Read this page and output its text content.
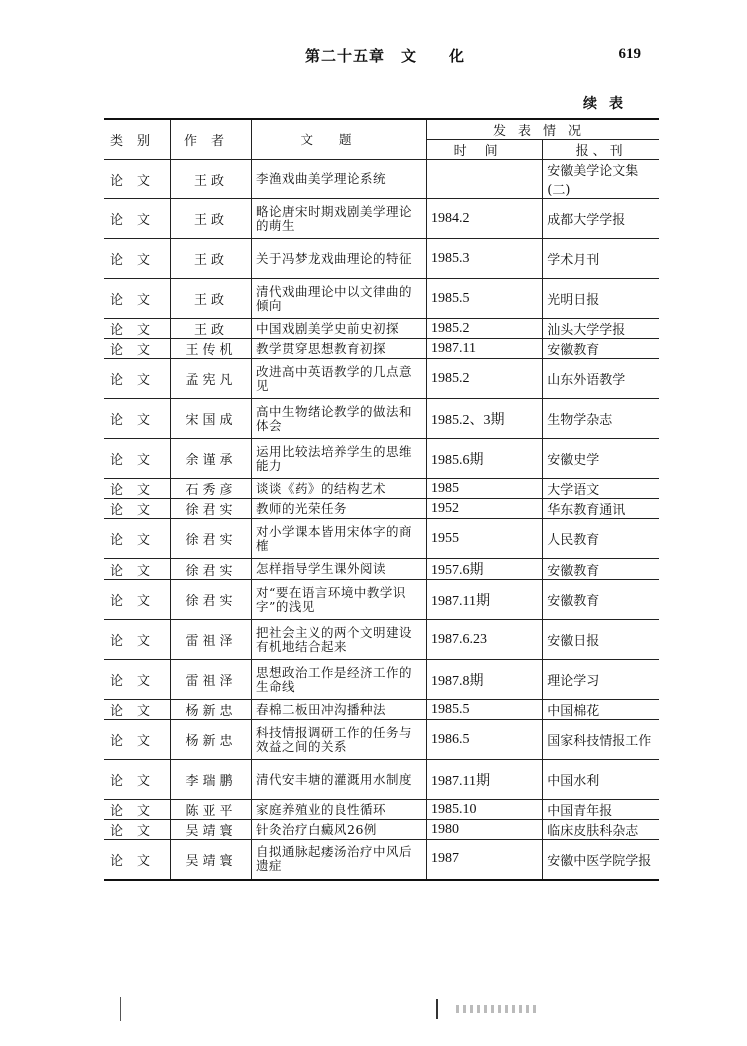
第二十五章　文　　化	619
续表
类别	作者	文题	发表情况	
			时间	报、刊
论文	王政	李渔戏曲美学理论系统		安徽美学论文集(二)
论文	王政	略论唐宋时期戏剧美学理论的萌生	1984.2	成都大学学报
论文	王政	关于冯梦龙戏曲理论的特征	1985.3	学术月刊
论文	王政	清代戏曲理论中以文律曲的倾向	1985.5	光明日报
论文	王政	中国戏剧美学史前史初探	1985.2	汕头大学学报
论文	王传机	教学贯穿思想教育初探	1987.11	安徽教育
论文	孟宪凡	改进高中英语教学的几点意见	1985.2	山东外语教学
论文	宋国成	高中生物绪论教学的做法和体会	1985.2、3期	生物学杂志
论文	余谨承	运用比较法培养学生的思维能力	1985.6期	安徽史学
论文	石秀彦	谈谈《药》的结构艺术	1985	大学语文
论文	徐君实	教师的光荣任务	1952	华东教育通讯
论文	徐君实	对小学课本皆用宋体字的商榷	1955	人民教育
论文	徐君实	怎样指导学生课外阅读	1957.6期	安徽教育
论文	徐君实	对“要在语言环境中教学识字”的浅见	1987.11期	安徽教育
论文	雷祖泽	把社会主义的两个文明建设有机地结合起来	1987.6.23	安徽日报
论文	雷祖泽	思想政治工作是经济工作的生命线	1987.8期	理论学习
论文	杨新忠	春棉二板田冲沟播种法	1985.5	中国棉花
论文	杨新忠	科技情报调研工作的任务与效益之间的关系	1986.5	国家科技情报工作
论文	李瑞鹏	清代安丰塘的灌溉用水制度	1987.11期	中国水利
论文	陈亚平	家庭养殖业的良性循环	1985.10	中国青年报
论文	吴靖寰	针灸治疗白癜风26例	1980	临床皮肤科杂志
论文	吴靖寰	自拟通脉起痿汤治疗中风后遗症	1987	安徽中医学院学报
